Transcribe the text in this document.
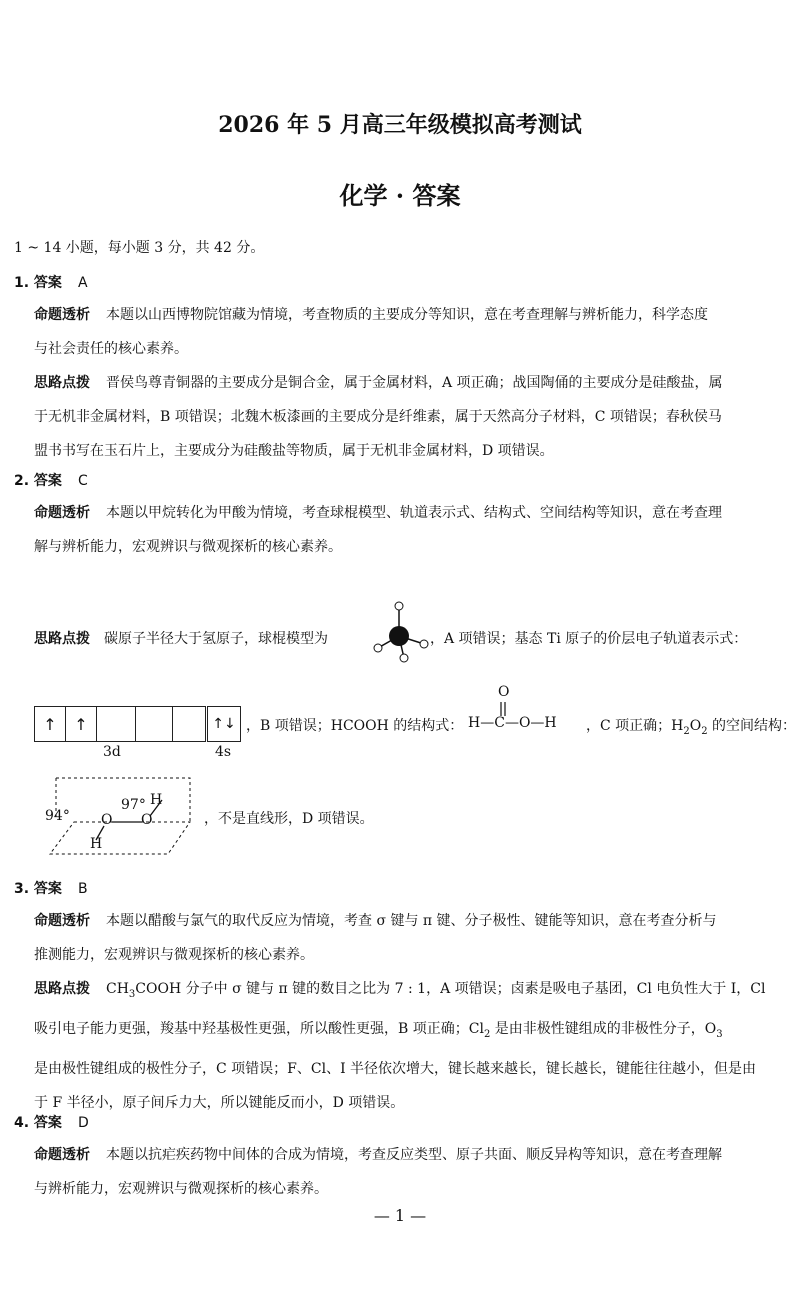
2026 年 5 月高三年级模拟高考测试
化学 · 答案
1 ~ 14 小题，每小题 3 分，共 42 分。
1. 答案 A
命题透析 本题以山西博物院馆藏为情境，考查物质的主要成分等知识，意在考查理解与辨析能力，科学态度
与社会责任的核心素养。
思路点拨 晋侯鸟尊青铜器的主要成分是铜合金，属于金属材料，A 项正确；战国陶俑的主要成分是硅酸盐，属
于无机非金属材料，B 项错误；北魏木板漆画的主要成分是纤维素，属于天然高分子材料，C 项错误；春秋侯马
盟书书写在玉石片上，主要成分为硅酸盐等物质，属于无机非金属材料，D 项错误。
2. 答案 C
命题透析 本题以甲烷转化为甲酸为情境，考查球棍模型、轨道表示式、结构式、空间结构等知识，意在考查理
解与辨析能力，宏观辨识与微观探析的核心素养。
思路点拨 碳原子半径大于氢原子，球棍模型为	，A 项错误；基态 Ti 原子的价层电子轨道表示式：
↑	↑
3d
↑↓
4s
，B 项错误；HCOOH 的结构式：
O
H—C—O—H ，C 项正确；$H_2O_2$ 的空间结构：
94°
97° H
O O
H
，不是直线形，D 项错误。
3. 答案 B
命题透析 本题以醋酸与氯气的取代反应为情境，考查 σ 键与 π 键、分子极性、键能等知识，意在考查分析与
推测能力，宏观辨识与微观探析的核心素养。
思路点拨 $CH_3COOH$ 分子中 σ 键与 π 键的数目之比为 7 : 1，A 项错误；卤素是吸电子基团，Cl 电负性大于 I，Cl
吸引电子能力更强，羧基中羟基极性更强，所以酸性更强，B 项正确；$Cl_2$ 是由非极性键组成的非极性分子，$O_3$
是由极性键组成的极性分子，C 项错误；F、Cl、I 半径依次增大，键长越来越长，键长越长，键能往往越小，但是由
于 F 半径小，原子间斥力大，所以键能反而小，D 项错误。
4. 答案 D
命题透析 本题以抗疟疾药物中间体的合成为情境，考查反应类型、原子共面、顺反异构等知识，意在考查理解
与辨析能力，宏观辨识与微观探析的核心素养。
— 1 —
